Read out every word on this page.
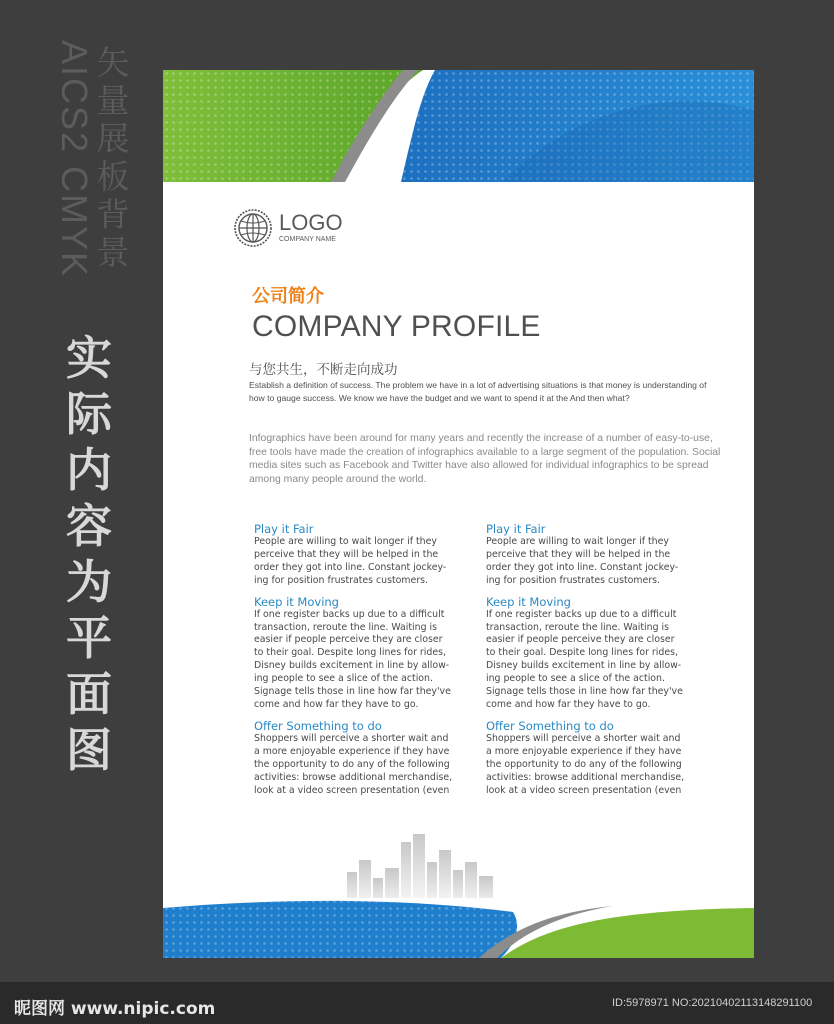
AICS2 CMYK 矢
量
展
板
背
景
实
际
内
容
为
平
面
图
LOGO
COMPANY NAME
公司简介
COMPANY PROFILE
与您共生，不断走向成功
Establish a definition of success. The problem we have in a lot of advertising situations is that money is understanding of how to gauge success. We know we have the budget and we want to spend it at the And then what?
Infographics have been around for many years and recently the increase of a number of easy-to-use, free tools have made the creation of infographics available to a large segment of the population. Social media sites such as Facebook and Twitter have also allowed for individual infographics to be spread among many people around the world.

Play it Fair

People are willing to wait longer if they
perceive that they will be helped in the
order they got into line. Constant jockey-
ing for position frustrates customers.

Keep it Moving

If one register backs up due to a difficult
transaction, reroute the line. Waiting is
easier if people perceive they are closer
to their goal. Despite long lines for rides,
Disney builds excitement in line by allow-
ing people to see a slice of the action.
Signage tells those in line how far they've
come and how far they have to go.

Offer Something to do

Shoppers will perceive a shorter wait and
a more enjoyable experience if they have
the opportunity to do any of the following
activities: browse additional merchandise,
look at a video screen presentation (even

Play it Fair

People are willing to wait longer if they
perceive that they will be helped in the
order they got into line. Constant jockey-
ing for position frustrates customers.

Keep it Moving

If one register backs up due to a difficult
transaction, reroute the line. Waiting is
easier if people perceive they are closer
to their goal. Despite long lines for rides,
Disney builds excitement in line by allow-
ing people to see a slice of the action.
Signage tells those in line how far they've
come and how far they have to go.

Offer Something to do

Shoppers will perceive a shorter wait and
a more enjoyable experience if they have
the opportunity to do any of the following
activities: browse additional merchandise,
look at a video screen presentation (even

昵图网 www.nipic.com	ID:5978971 NO:20210402113148291100
